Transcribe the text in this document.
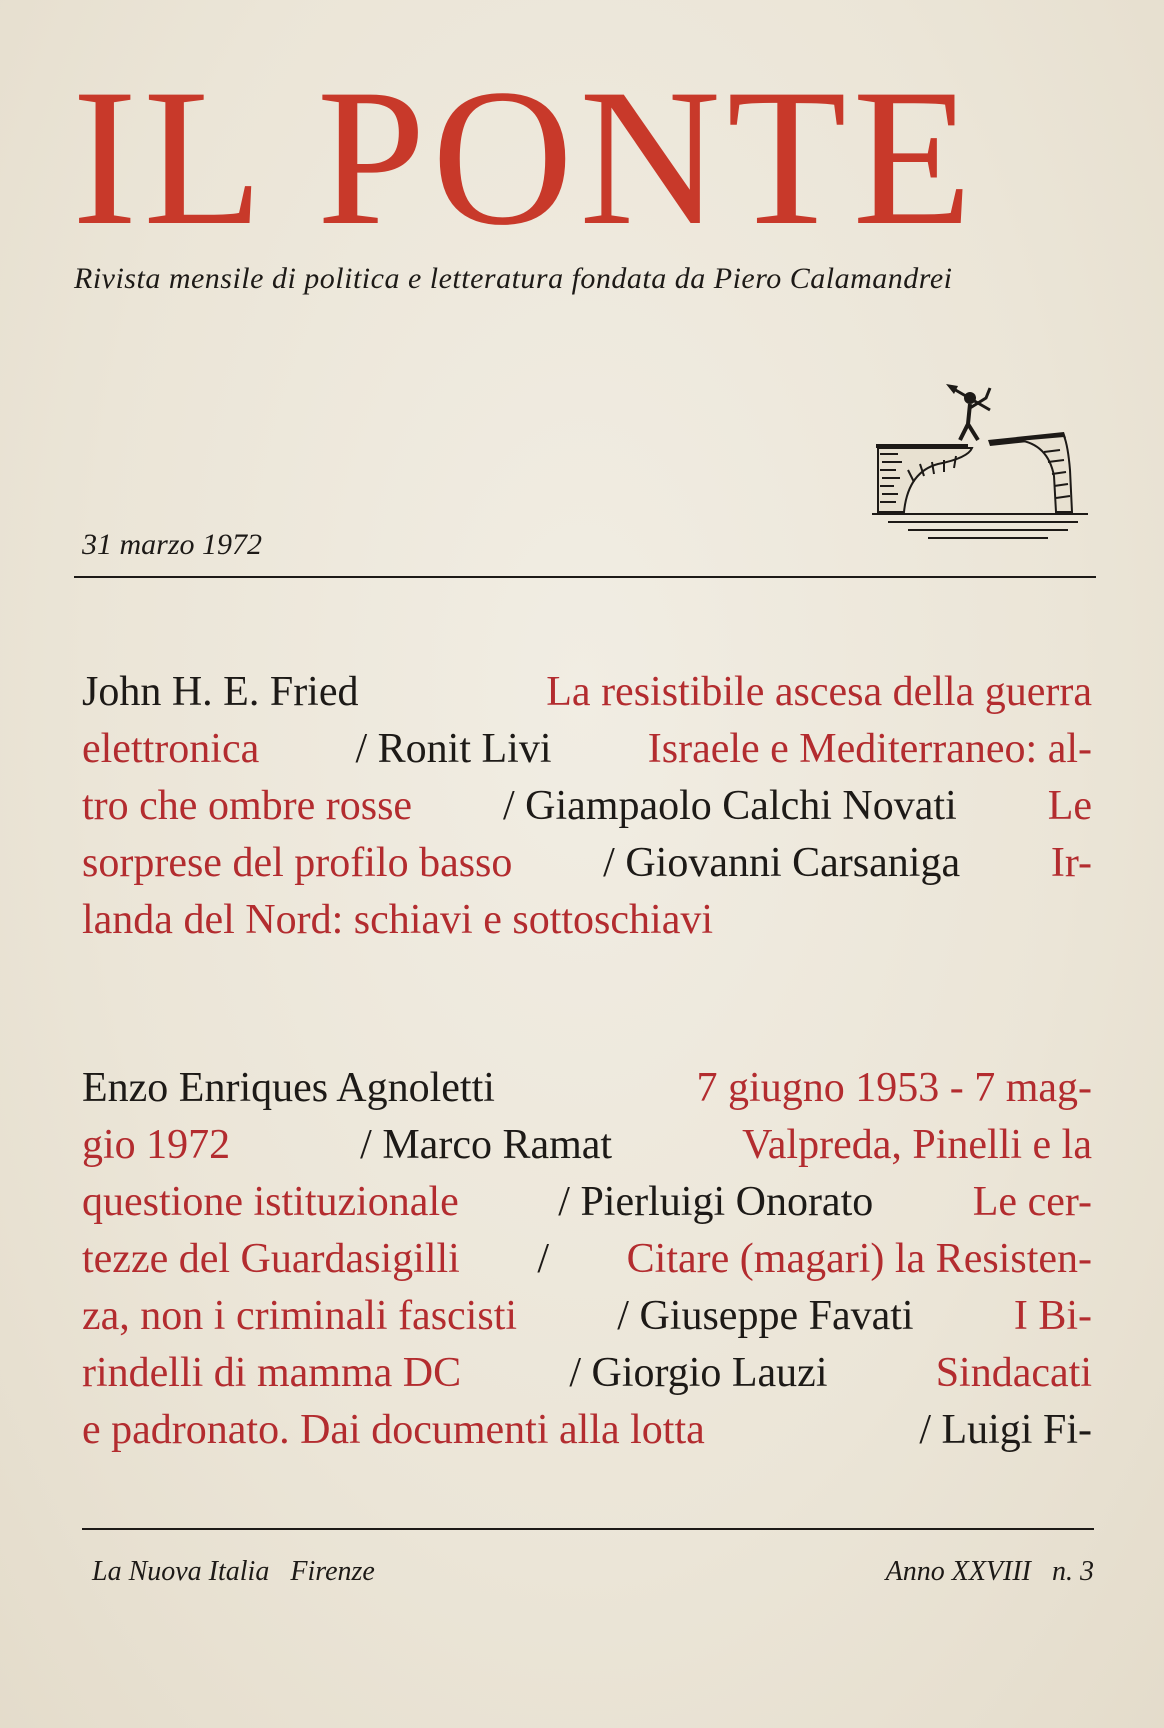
IL PONTE
Rivista mensile di politica e letteratura fondata da Piero Calamandrei
31 marzo 1972
John H. E. Fried	La resistibile ascesa della guerra
elettronica / Ronit Livi Israele e Mediterraneo: al-
tro che ombre rosse / Giampaolo Calchi Novati Le
sorprese del profilo basso / Giovanni Carsaniga Ir-
landa del Nord: schiavi e sottoschiavi
Enzo Enriques Agnoletti	7 giugno 1953 - 7 mag-
gio 1972	/ Marco Ramat	Valpreda, Pinelli e la
questione istituzionale / Pierluigi Onorato Le cer-
tezze del Guardasigilli / Citare (magari) la Resisten-
za, non i criminali fascisti / Giuseppe Favati I Bi-
rindelli di mamma DC	/ Giorgio Lauzi	Sindacati
e padronato. Dai documenti alla lotta	/ Luigi Fi-
La Nuova Italia   Firenze	Anno XXVIII   n. 3
